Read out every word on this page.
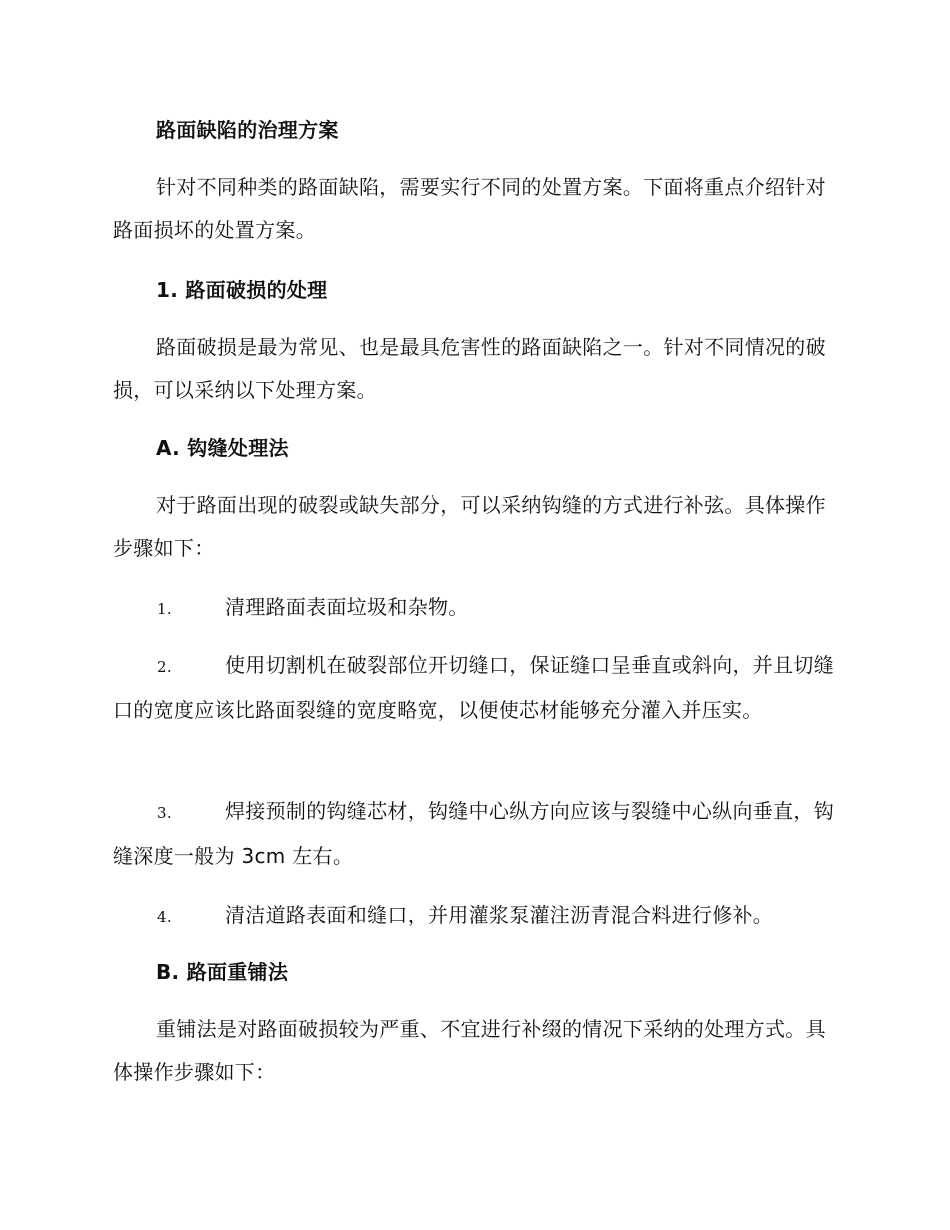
路面缺陷的治理方案
针对不同种类的路面缺陷，需要实行不同的处置方案。下面将重点介绍针对路面损坏的处置方案。
1. 路面破损的处理
路面破损是最为常见、也是最具危害性的路面缺陷之一。针对不同情况的破损，可以采纳以下处理方案。
A. 钩缝处理法
对于路面出现的破裂或缺失部分，可以采纳钩缝的方式进行补弦。具体操作步骤如下：
1.	清理路面表面垃圾和杂物。
2.	使用切割机在破裂部位开切缝口，保证缝口呈垂直或斜向，并且切缝口的宽度应该比路面裂缝的宽度略宽，以便使芯材能够充分灌入并压实。
3.	焊接预制的钩缝芯材，钩缝中心纵方向应该与裂缝中心纵向垂直，钩缝深度一般为 3cm 左右。
4.	清洁道路表面和缝口，并用灌浆泵灌注沥青混合料进行修补。
B. 路面重铺法
重铺法是对路面破损较为严重、不宜进行补缀的情况下采纳的处理方式。具体操作步骤如下：
